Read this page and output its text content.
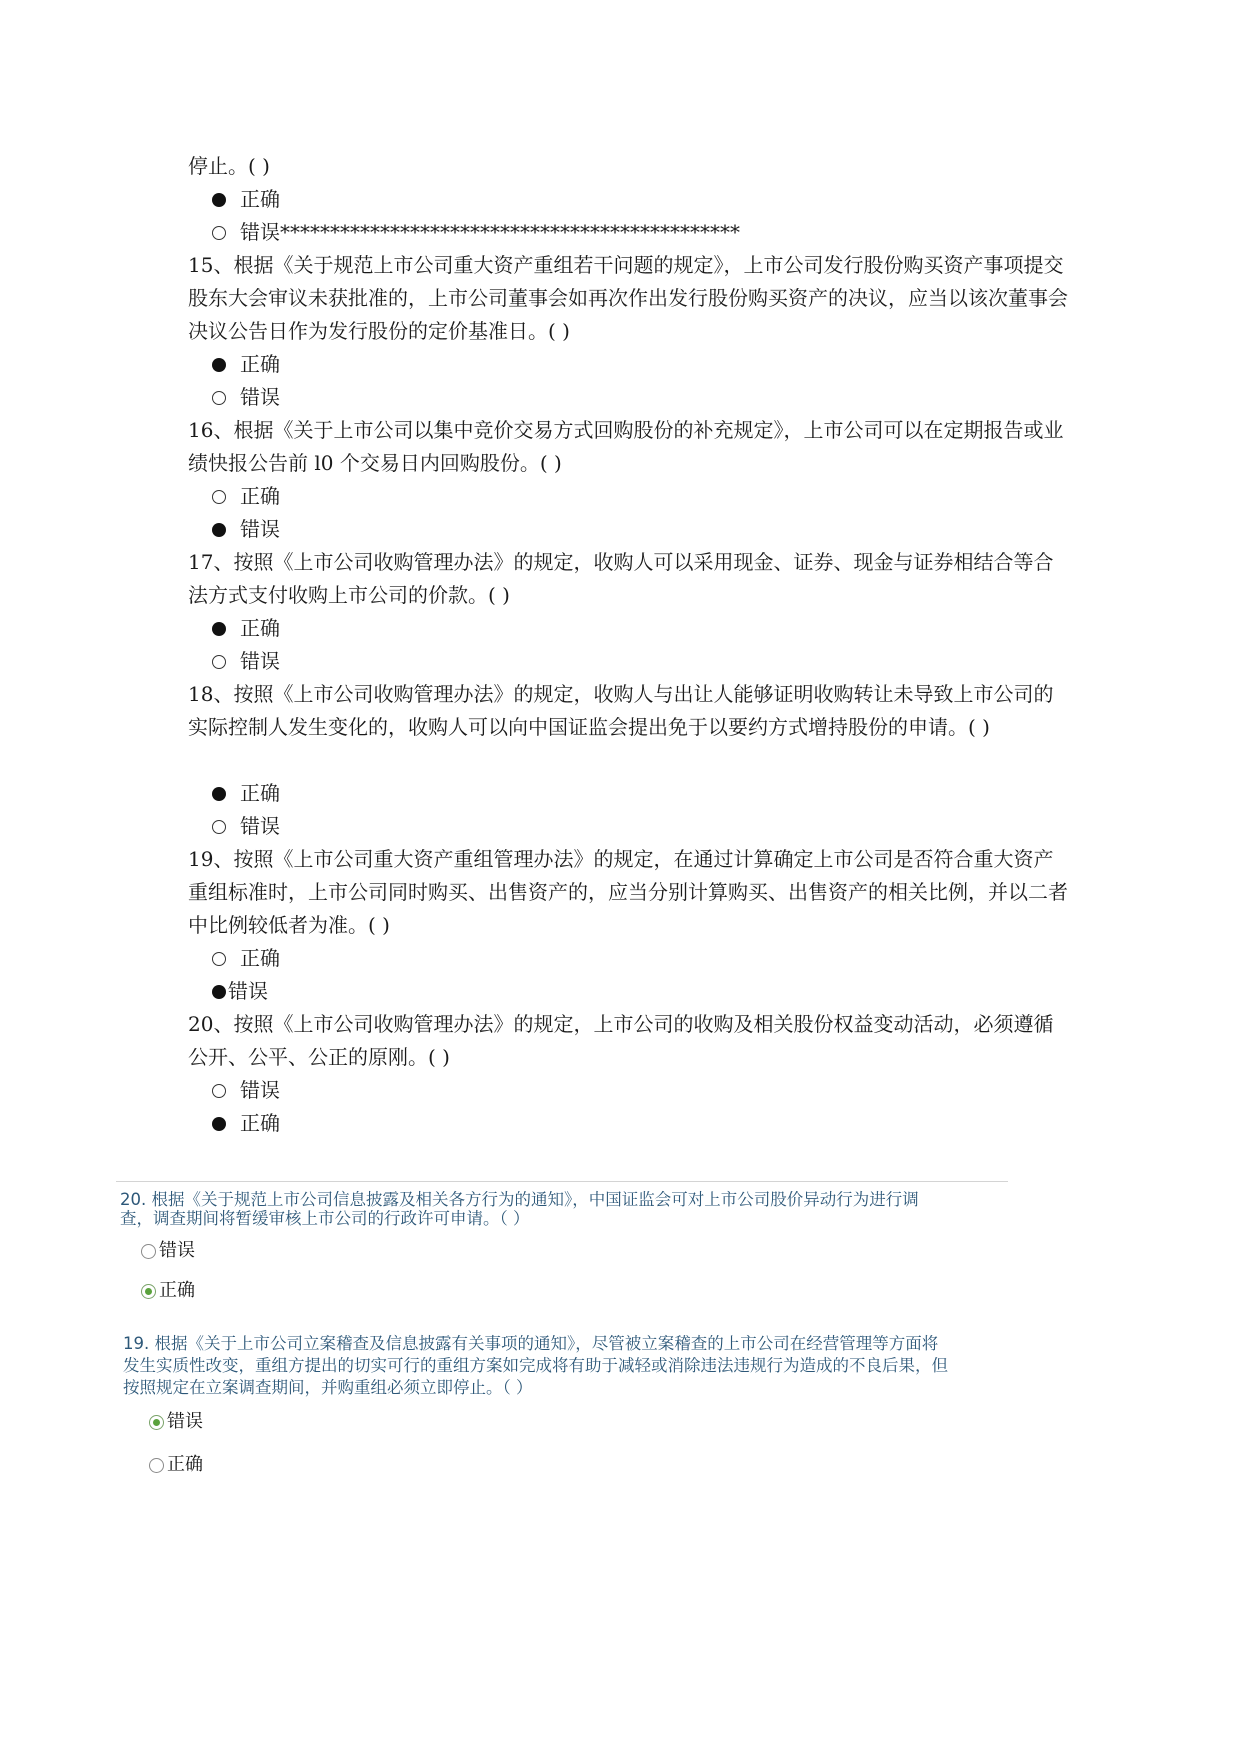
停止。( )

正确
错误**********************************************

15、根据《关于规范上市公司重大资产重组若干问题的规定》，上市公司发行股份购买资产事项提交股东大会审议未获批准的，上市公司董事会如再次作出发行股份购买资产的决议，应当以该次董事会决议公告日作为发行股份的定价基准日。( )

正确
错误

16、根据《关于上市公司以集中竞价交易方式回购股份的补充规定》，上市公司可以在定期报告或业绩快报公告前 l0 个交易日内回购股份。( )

正确
错误

17、按照《上市公司收购管理办法》的规定，收购人可以采用现金、证券、现金与证券相结合等合法方式支付收购上市公司的价款。( )

正确
错误

18、按照《上市公司收购管理办法》的规定，收购人与出让人能够证明收购转让未导致上市公司的实际控制人发生变化的，收购人可以向中国证监会提出免于以要约方式增持股份的申请。( )

正确
错误

19、按照《上市公司重大资产重组管理办法》的规定，在通过计算确定上市公司是否符合重大资产重组标准时，上市公司同时购买、出售资产的，应当分别计算购买、出售资产的相关比例，并以二者中比例较低者为准。( )

正确
错误

20、按照《上市公司收购管理办法》的规定，上市公司的收购及相关股份权益变动活动，必须遵循公开、公平、公正的原刚。( )

错误
正确

20. 根据《关于规范上市公司信息披露及相关各方行为的通知》，中国证监会可对上市公司股价异动行为进行调

查，调查期间将暂缓审核上市公司的行政许可申请。（ ）

错误
正确

19. 根据《关于上市公司立案稽查及信息披露有关事项的通知》，尽管被立案稽查的上市公司在经营管理等方面将

发生实质性改变，重组方提出的切实可行的重组方案如完成将有助于减轻或消除违法违规行为造成的不良后果，但

按照规定在立案调查期间，并购重组必须立即停止。（ ）

错误
正确
